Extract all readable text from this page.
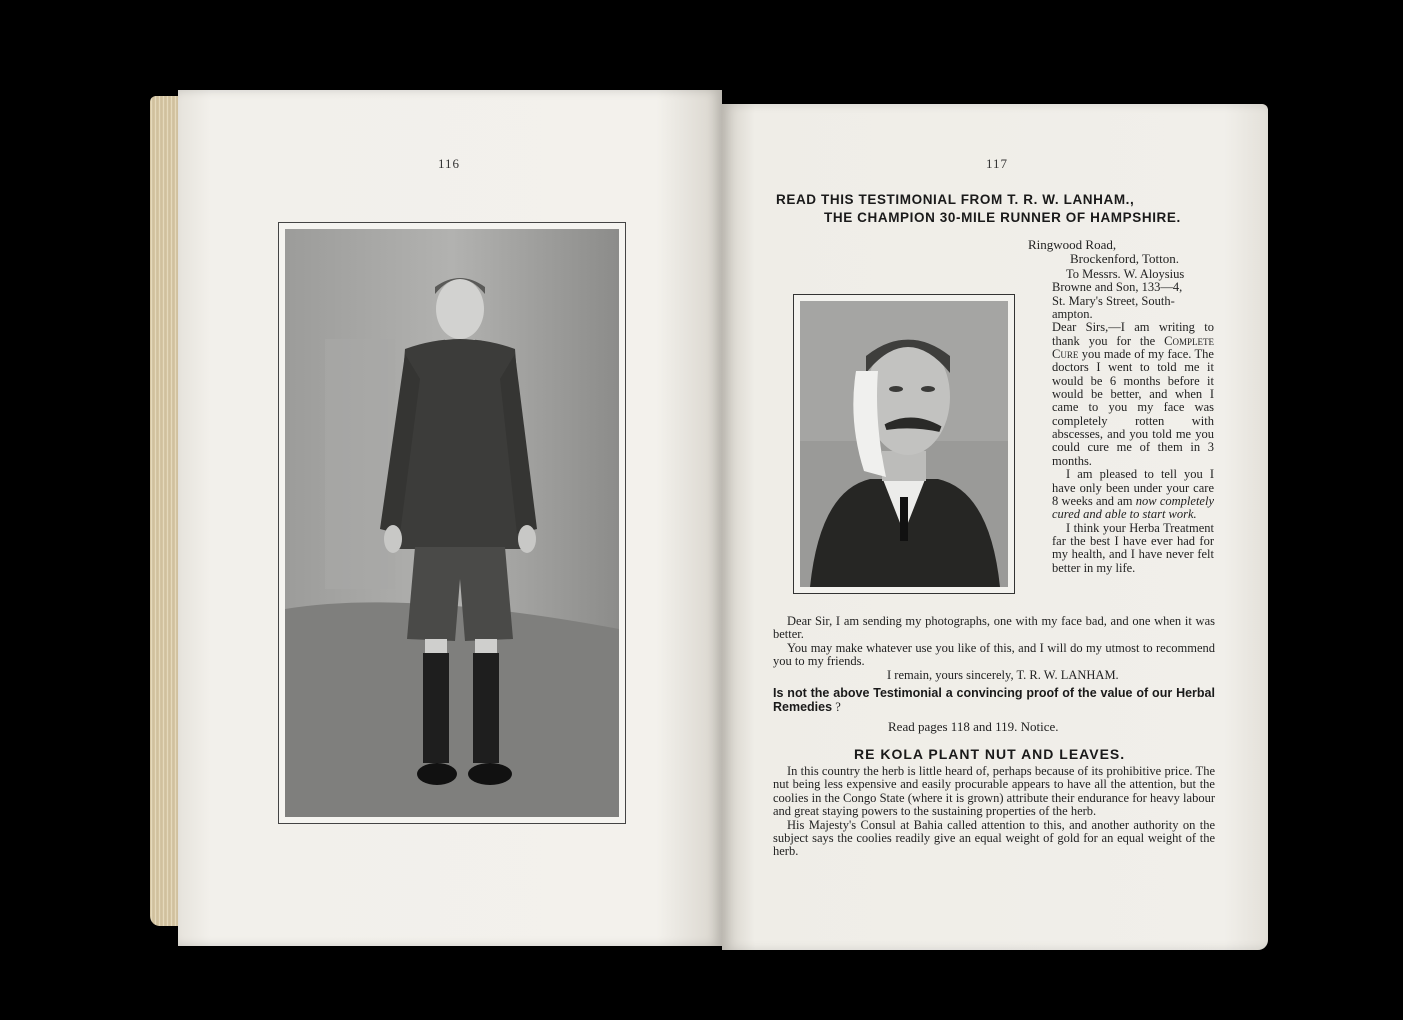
116	117
READ THIS TESTIMONIAL FROM T. R. W. LANHAM.,
THE CHAMPION 30-MILE RUNNER OF HAMPSHIRE.
Ringwood Road,
Brockenford, Totton.

To Messrs. W. Aloysius

Browne and Son, 133—4,

St. Mary's Street, South-

ampton.

Dear Sirs,—I am writing to thank you for the Complete Cure you made of my face. The doctors I went to told me it would be 6 months before it would be better, and when I came to you my face was completely rotten with abscesses, and you told me you could cure me of them in 3 months.

I am pleased to tell you I have only been under your care 8 weeks and am now completely cured and able to start work.

I think your Herba Treatment far the best I have ever had for my health, and I have never felt better in my life.

Dear Sir, I am sending my photographs, one with my face bad, and one when it was better.

You may make whatever use you like of this, and I will do my utmost to recommend you to my friends.

I remain, yours sincerely, T. R. W. LANHAM.

Is not the above Testimonial a convincing proof of the value of our Herbal Remedies ?
Read pages 118 and 119. Notice.
RE KOLA PLANT NUT AND LEAVES.

In this country the herb is little heard of, perhaps because of its prohibitive price. The nut being less expensive and easily procurable appears to have all the attention, but the coolies in the Congo State (where it is grown) attribute their endurance for heavy labour and great staying powers to the sustaining properties of the herb.

His Majesty's Consul at Bahia called attention to this, and another authority on the subject says the coolies readily give an equal weight of gold for an equal weight of the herb.
